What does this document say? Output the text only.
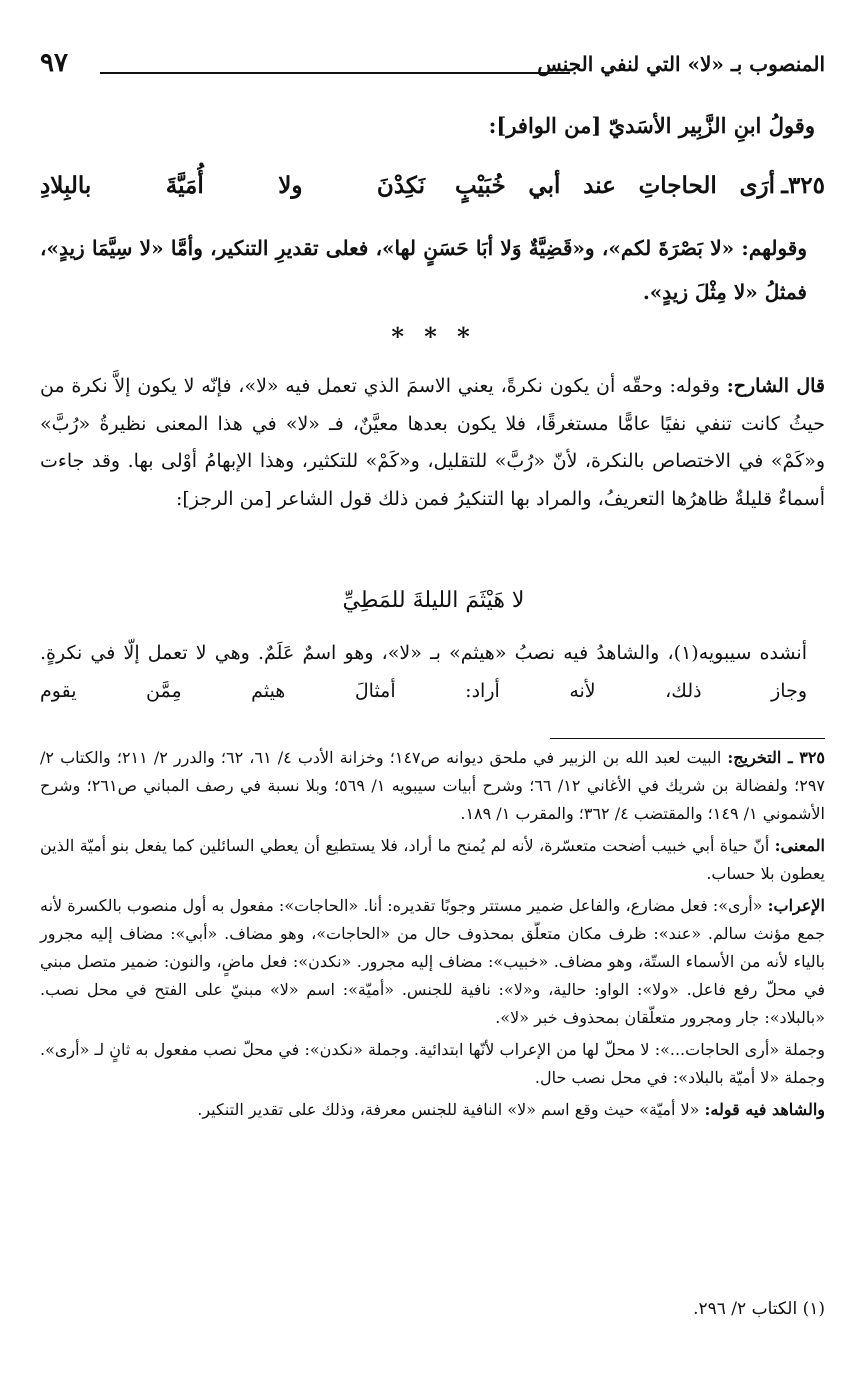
المنصوب بـ «لا» التي لنفي الجنس
٩٧
وقولُ ابنِ الزَّبِير الأسَديّ [من الوافر]:
٣٢٥ـ
أرَى الحاجاتِ عند أبي خُبَيْبٍ
نَكِدْنَ ولا أُمَيَّةَ بالبِلادِ
وقولهم: «لا بَصْرَةَ لكم»، و«قَضِيَّةٌ وَلا أبَا حَسَنٍ لها»، فعلى تقديرِ التنكير، وأمَّا «لا سِيَّمَا زيدٍ»، فمثلُ «لا مِثْلَ زيدٍ».
* * *
قال الشارح: وقوله: وحقّه أن يكون نكرةً، يعني الاسمَ الذي تعمل فيه «لا»، فإنّه لا يكون إلاَّ نكرة من حيثُ كانت تنفي نفيًا عامًّا مستغرقًا، فلا يكون بعدها معيَّنٌ، فـ «لا» في هذا المعنى نظيرةُ «رُبَّ» و«كَمْ» في الاختصاص بالنكرة، لأنّ «رُبَّ» للتقليل، و«كَمْ» للتكثير، وهذا الإبهامُ أوْلى بها. وقد جاءت أسماءٌ قليلةٌ ظاهرُها التعريفُ، والمراد بها التنكيرُ فمن ذلك قول الشاعر [من الرجز]:
لا هَيْثَمَ الليلةَ للمَطِيِّ
أنشده سيبويه(١)، والشاهدُ فيه نصبُ «هيثم» بـ «لا»، وهو اسمٌ عَلَمٌ. وهي لا تعمل إلّا في نكرةٍ. وجاز ذلك، لأنه أراد: أمثالَ هيثم مِمَّن يقوم

٣٢٥ ـ التخريج: البيت لعبد الله بن الزبير في ملحق ديوانه ص١٤٧؛ وخزانة الأدب ٤/ ٦١، ٦٢؛ والدرر ٢/ ٢١١؛ والكتاب ٢/ ٢٩٧؛ ولفضالة بن شريك في الأغاني ١٢/ ٦٦؛ وشرح أبيات سيبويه ١/ ٥٦٩؛ وبلا نسبة في رصف المباني ص٢٦١؛ وشرح الأشموني ١/ ١٤٩؛ والمقتضب ٤/ ٣٦٢؛ والمقرب ١/ ١٨٩.

المعنى: أنّ حياة أبي خبيب أضحت متعسّرة، لأنه لم يُمنح ما أراد، فلا يستطيع أن يعطي السائلين كما يفعل بنو أميّة الذين يعطون بلا حساب.

الإعراب: «أرى»: فعل مضارع، والفاعل ضمير مستتر وجوبًا تقديره: أنا. «الحاجات»: مفعول به أول منصوب بالكسرة لأنه جمع مؤنث سالم. «عند»: ظرف مكان متعلّق بمحذوف حال من «الحاجات»، وهو مضاف. «أبي»: مضاف إليه مجرور بالياء لأنه من الأسماء الستّة، وهو مضاف. «خبيب»: مضاف إليه مجرور. «نكدن»: فعل ماضٍ، والنون: ضمير متصل مبني في محلّ رفع فاعل. «ولا»: الواو: حالية، و«لا»: نافية للجنس. «أميّة»: اسم «لا» مبنيّ على الفتح في محل نصب. «بالبلاد»: جار ومجرور متعلّقان بمحذوف خبر «لا».

وجملة «أرى الحاجات...»: لا محلّ لها من الإعراب لأنّها ابتدائية. وجملة «نكدن»: في محلّ نصب مفعول به ثانٍ لـ «أرى». وجملة «لا أميّة بالبلاد»: في محل نصب حال.

والشاهد فيه قوله: «لا أميّة» حيث وقع اسم «لا» النافية للجنس معرفة، وذلك على تقدير التنكير.

(١) الكتاب ٢/ ٢٩٦.
